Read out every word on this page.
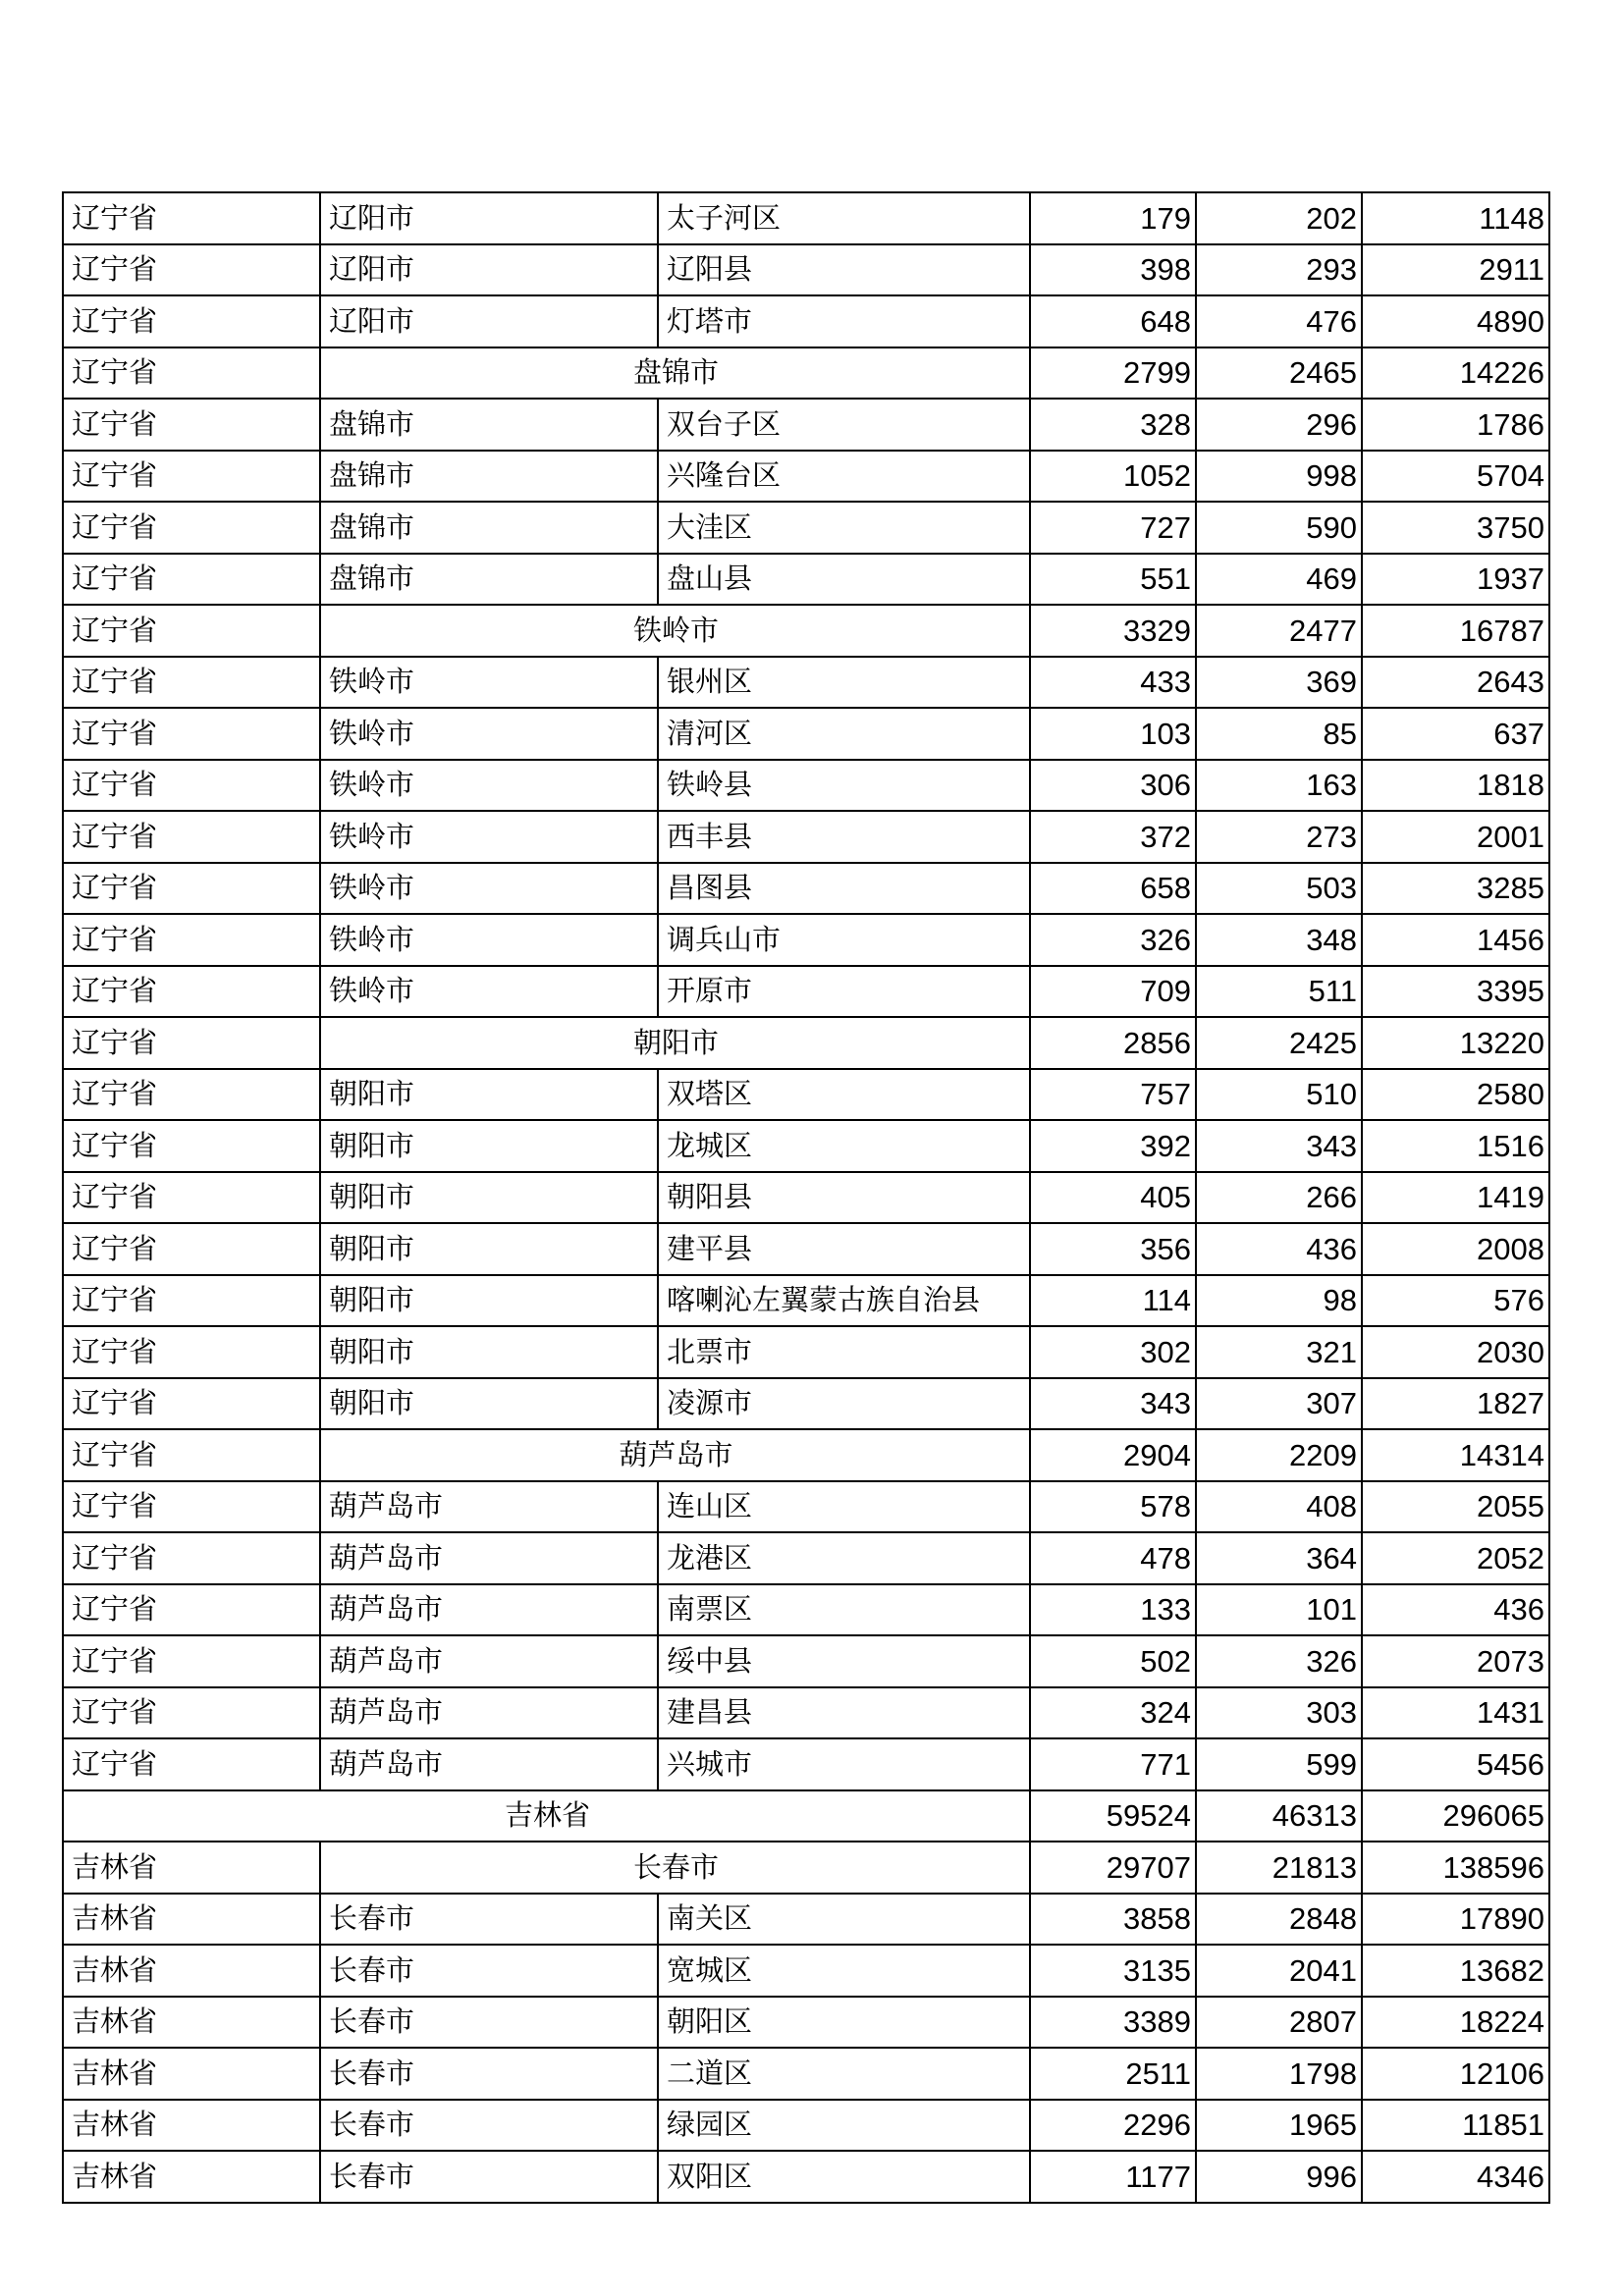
辽宁省	辽阳市	太子河区	179	202	1148
辽宁省	辽阳市	辽阳县	398	293	2911
辽宁省	辽阳市	灯塔市	648	476	4890
辽宁省	盘锦市		2799	2465	14226
辽宁省	盘锦市	双台子区	328	296	1786
辽宁省	盘锦市	兴隆台区	1052	998	5704
辽宁省	盘锦市	大洼区	727	590	3750
辽宁省	盘锦市	盘山县	551	469	1937
辽宁省	铁岭市		3329	2477	16787
辽宁省	铁岭市	银州区	433	369	2643
辽宁省	铁岭市	清河区	103	85	637
辽宁省	铁岭市	铁岭县	306	163	1818
辽宁省	铁岭市	西丰县	372	273	2001
辽宁省	铁岭市	昌图县	658	503	3285
辽宁省	铁岭市	调兵山市	326	348	1456
辽宁省	铁岭市	开原市	709	511	3395
辽宁省	朝阳市		2856	2425	13220
辽宁省	朝阳市	双塔区	757	510	2580
辽宁省	朝阳市	龙城区	392	343	1516
辽宁省	朝阳市	朝阳县	405	266	1419
辽宁省	朝阳市	建平县	356	436	2008
辽宁省	朝阳市	喀喇沁左翼蒙古族自治县	114	98	576
辽宁省	朝阳市	北票市	302	321	2030
辽宁省	朝阳市	凌源市	343	307	1827
辽宁省	葫芦岛市		2904	2209	14314
辽宁省	葫芦岛市	连山区	578	408	2055
辽宁省	葫芦岛市	龙港区	478	364	2052
辽宁省	葫芦岛市	南票区	133	101	436
辽宁省	葫芦岛市	绥中县	502	326	2073
辽宁省	葫芦岛市	建昌县	324	303	1431
辽宁省	葫芦岛市	兴城市	771	599	5456
吉林省			59524	46313	296065
吉林省	长春市		29707	21813	138596
吉林省	长春市	南关区	3858	2848	17890
吉林省	长春市	宽城区	3135	2041	13682
吉林省	长春市	朝阳区	3389	2807	18224
吉林省	长春市	二道区	2511	1798	12106
吉林省	长春市	绿园区	2296	1965	11851
吉林省	长春市	双阳区	1177	996	4346
